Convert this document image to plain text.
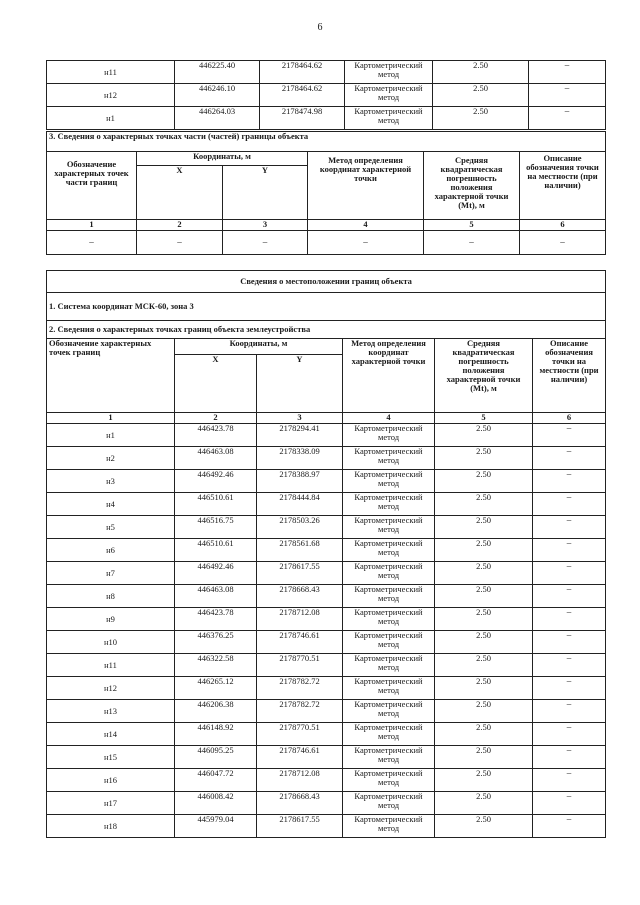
6
н11	446225.40	2178464.62	Картометрический метод	2.50	–
н12	446246.10	2178464.62	Картометрический метод	2.50	–
н1	446264.03	2178474.98	Картометрический метод	2.50	–
3. Сведения о характерных точках части (частей) границы объекта					
Обозначение характерных точек части границ	Координаты, м		Метод определения координат характерной точки	Средняя квадратическая погрешность положения характерной точки (Mt), м	Описание обозначения точки на местности (при наличии)
	X	Y			
1	2	3	4	5	6
–	–	–	–	–	–
Сведения о местоположении границ объекта					
1. Система координат МСК-60, зона 3					
2. Сведения о характерных точках границ объекта землеустройства					
Обозначение характерных точек границ	Координаты, м		Метод определения координат характерной точки	Средняя квадратическая погрешность положения характерной точки (Mt), м	Описание обозначения точки на местности (при наличии)
	X	Y			
1	2	3	4	5	6
н1	446423.78	2178294.41	Картометрический метод	2.50	–
н2	446463.08	2178338.09	Картометрический метод	2.50	–
н3	446492.46	2178388.97	Картометрический метод	2.50	–
н4	446510.61	2178444.84	Картометрический метод	2.50	–
н5	446516.75	2178503.26	Картометрический метод	2.50	–
н6	446510.61	2178561.68	Картометрический метод	2.50	–
н7	446492.46	2178617.55	Картометрический метод	2.50	–
н8	446463.08	2178668.43	Картометрический метод	2.50	–
н9	446423.78	2178712.08	Картометрический метод	2.50	–
н10	446376.25	2178746.61	Картометрический метод	2.50	–
н11	446322.58	2178770.51	Картометрический метод	2.50	–
н12	446265.12	2178782.72	Картометрический метод	2.50	–
н13	446206.38	2178782.72	Картометрический метод	2.50	–
н14	446148.92	2178770.51	Картометрический метод	2.50	–
н15	446095.25	2178746.61	Картометрический метод	2.50	–
н16	446047.72	2178712.08	Картометрический метод	2.50	–
н17	446008.42	2178668.43	Картометрический метод	2.50	–
н18	445979.04	2178617.55	Картометрический метод	2.50	–
